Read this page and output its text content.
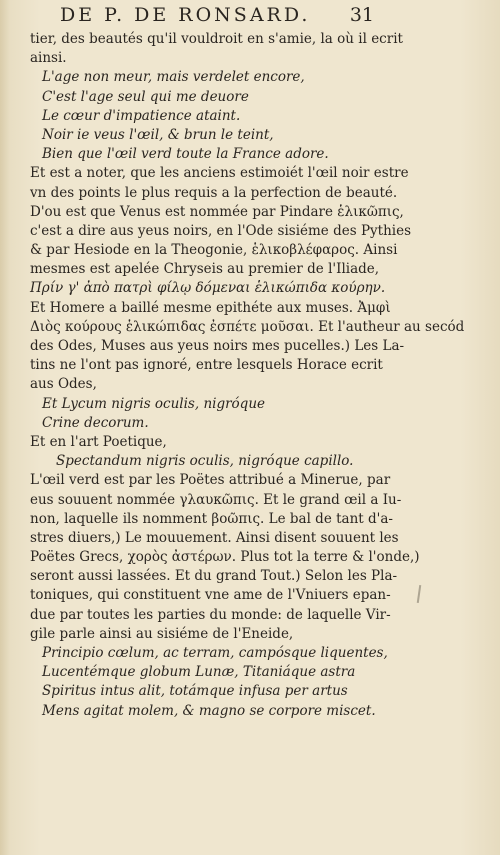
DE P. DE RONSARD.	31
tier, des beautés qu'il vouldroit en s'amie, la où il ecrit
ainsi.
L'age non meur, mais verdelet encore,
C'est l'age seul qui me deuore
Le cœur d'impatience ataint.
Noir ie veus l'œil, & brun le teint,
Bien que l'œil verd toute la France adore.
Et est a noter, que les anciens estimoiét l'œil noir estre
vn des points le plus requis a la perfection de beauté.
D'ou est que Venus est nommée par Pindare ἑλικῶπις,
c'est a dire aus yeus noirs, en l'Ode sisiéme des Pythies
& par Hesiode en la Theogonie, ἑλικοβλέφαρος. Ainsi
mesmes est apelée Chryseis au premier de l'Iliade,
Πρίν γ' ἀπὸ πατρὶ φίλῳ δόμεναι ἑλικώπιδα κούρην.
Et Homere a baillé mesme epithéte aux muses. Ἀμφὶ
Διὸς κούρους ἑλικώπιδας ἐσπέτε μοῦσαι. Et l'autheur au secód
des Odes, Muses aus yeus noirs mes pucelles.) Les La-
tins ne l'ont pas ignoré, entre lesquels Horace ecrit
aus Odes,
Et Lycum nigris oculis, nigróque
Crine decorum.
Et en l'art Poetique,
Spectandum nigris oculis, nigróque capillo.
L'œil verd est par les Poëtes attribué a Minerue, par
eus souuent nommée γλαυκῶπις. Et le grand œil a Iu-
non, laquelle ils nomment βοῶπις. Le bal de tant d'a-
stres diuers,) Le mouuement. Ainsi disent souuent les
Poëtes Grecs, χορὸς ἀστέρων. Plus tot la terre & l'onde,)
seront aussi lassées. Et du grand Tout.) Selon les Pla-
toniques, qui constituent vne ame de l'Vniuers epan-
due par toutes les parties du monde: de laquelle Vir-
gile parle ainsi au sisiéme de l'Eneide,
Principio cœlum, ac terram, campósque liquentes,
Lucentémque globum Lunæ, Titaniáque astra
Spiritus intus alit, totámque infusa per artus
Mens agitat molem, & magno se corpore miscet.
